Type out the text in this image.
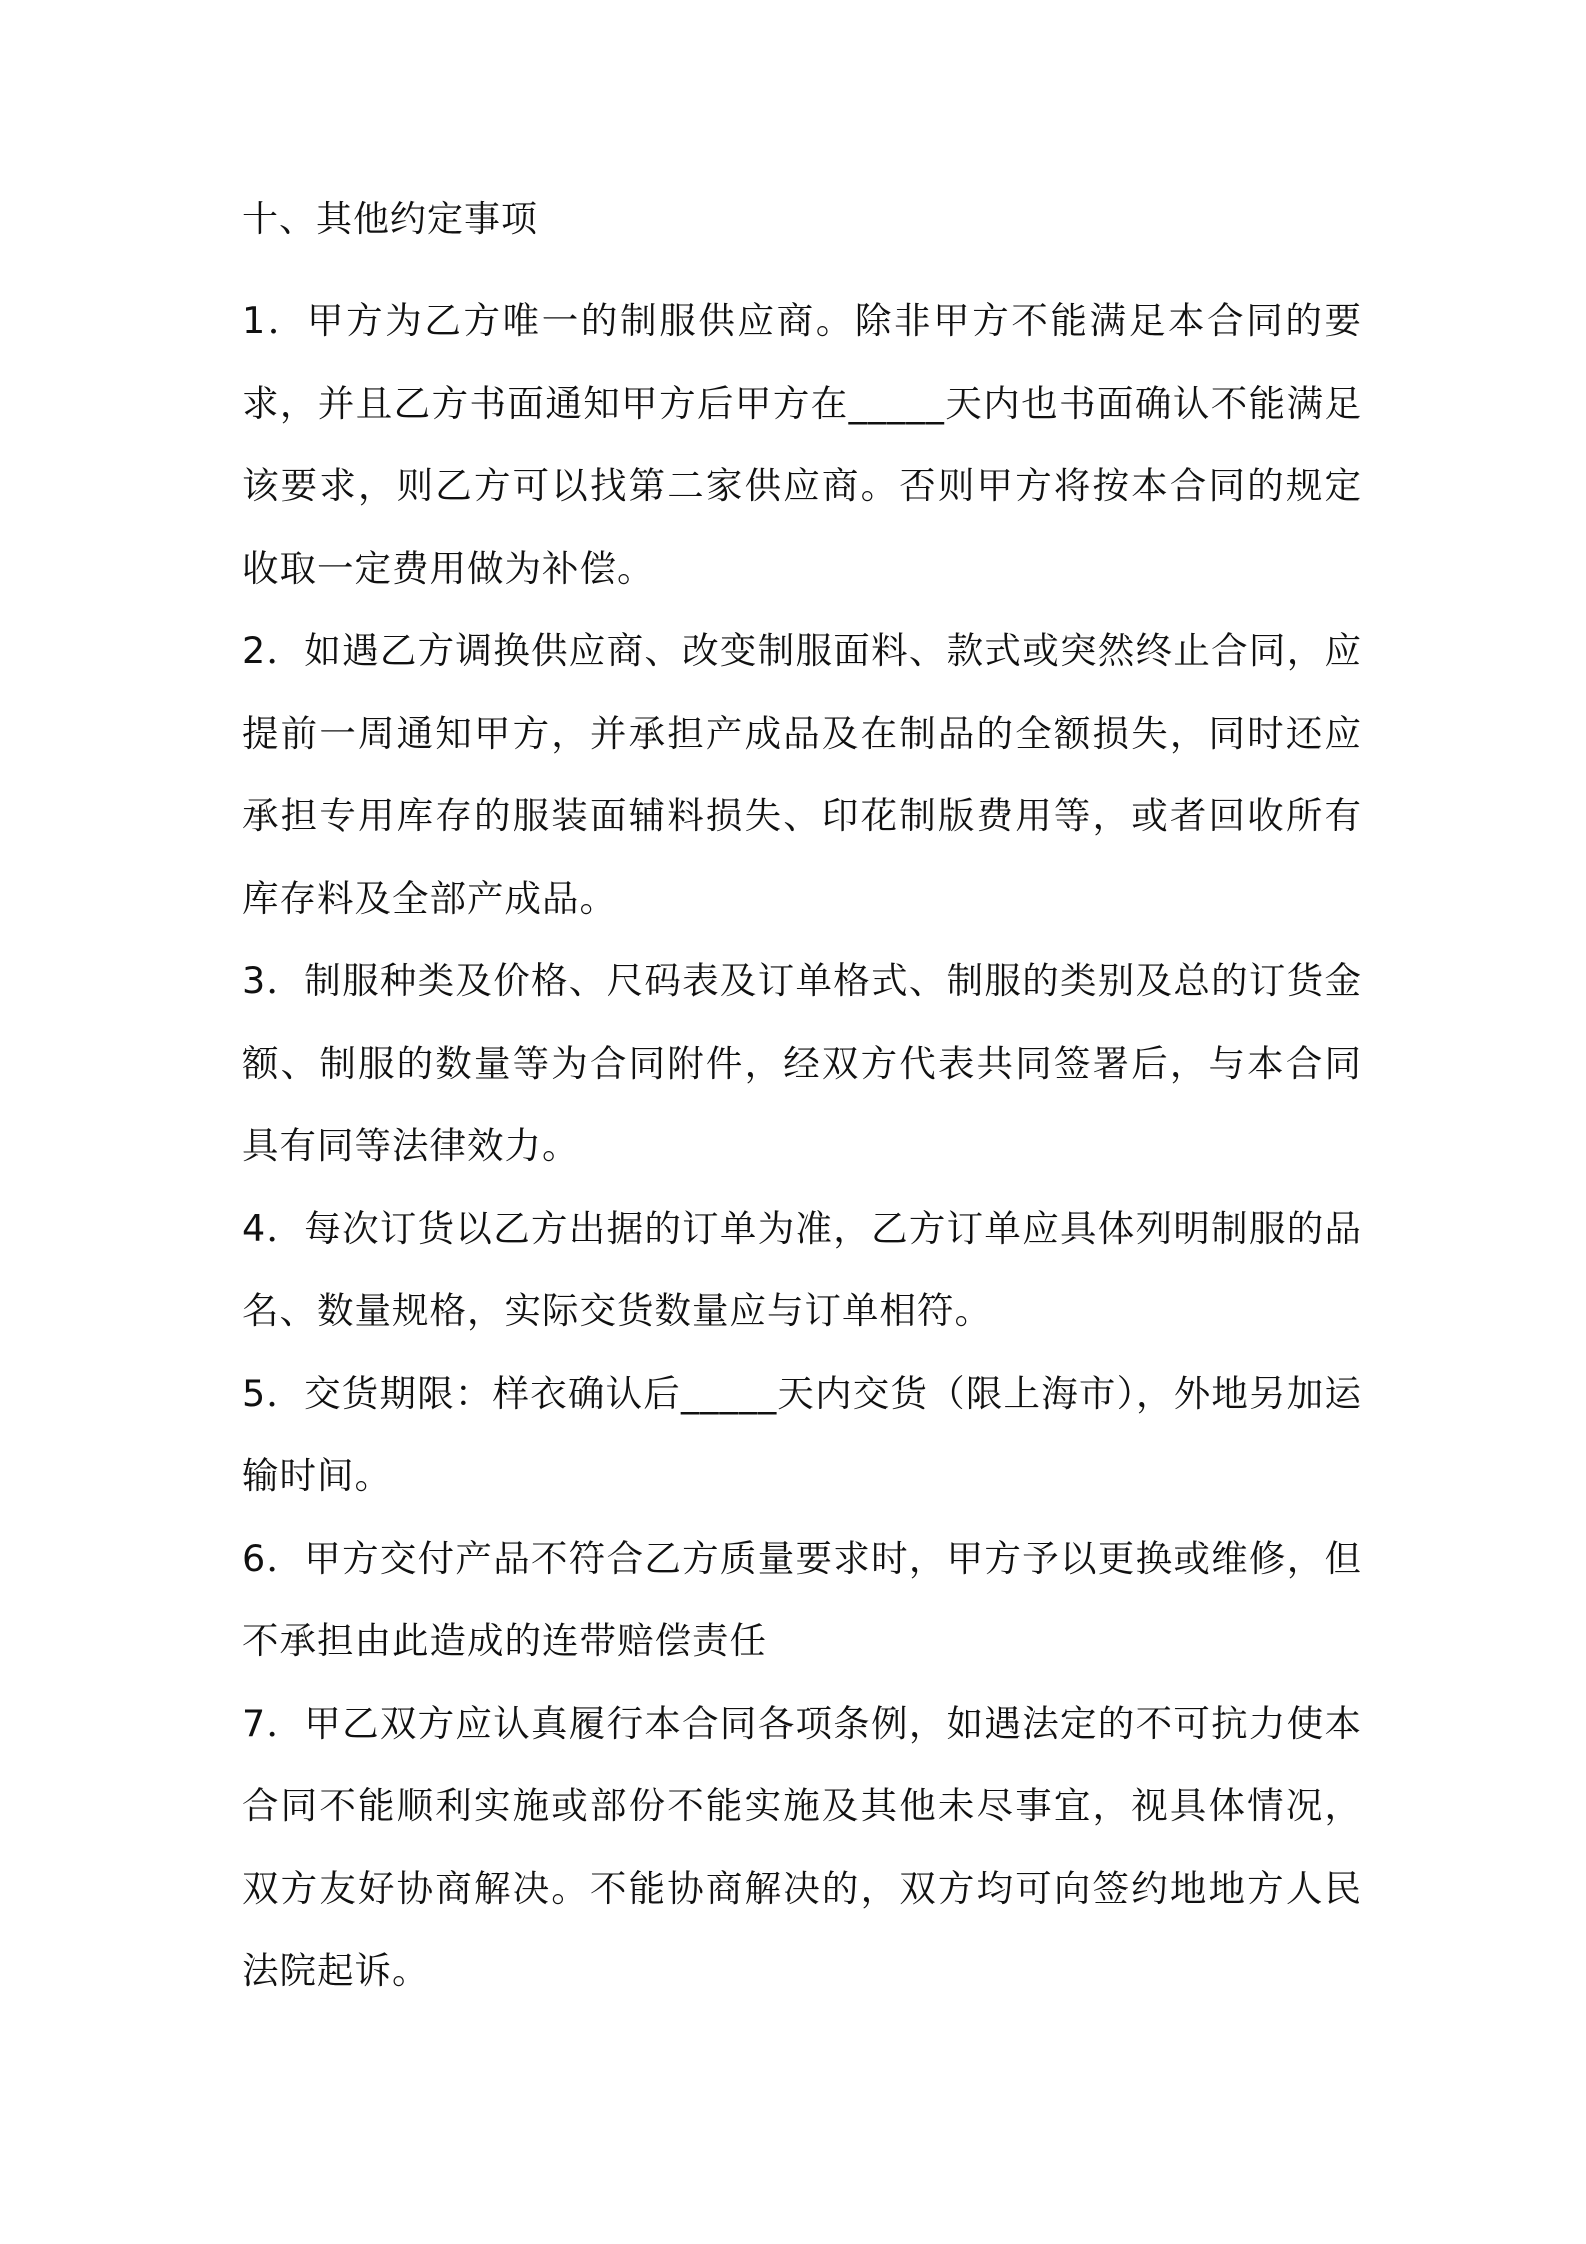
十、其他约定事项

1．甲方为乙方唯一的制服供应商。除非甲方不能满足本合同的要求，并且乙方书面通知甲方后甲方在_____天内也书面确认不能满足该要求，则乙方可以找第二家供应商。否则甲方将按本合同的规定收取一定费用做为补偿。

2．如遇乙方调换供应商、改变制服面料、款式或突然终止合同，应提前一周通知甲方，并承担产成品及在制品的全额损失，同时还应承担专用库存的服装面辅料损失、印花制版费用等，或者回收所有库存料及全部产成品。

3．制服种类及价格、尺码表及订单格式、制服的类别及总的订货金额、制服的数量等为合同附件，经双方代表共同签署后，与本合同具有同等法律效力。

4．每次订货以乙方出据的订单为准，乙方订单应具体列明制服的品名、数量规格，实际交货数量应与订单相符。

5．交货期限：样衣确认后_____天内交货（限上海市），外地另加运输时间。

6．甲方交付产品不符合乙方质量要求时，甲方予以更换或维修，但不承担由此造成的连带赔偿责任

7．甲乙双方应认真履行本合同各项条例，如遇法定的不可抗力使本合同不能顺利实施或部份不能实施及其他未尽事宜，视具体情况，双方友好协商解决。不能协商解决的，双方均可向签约地地方人民法院起诉。
